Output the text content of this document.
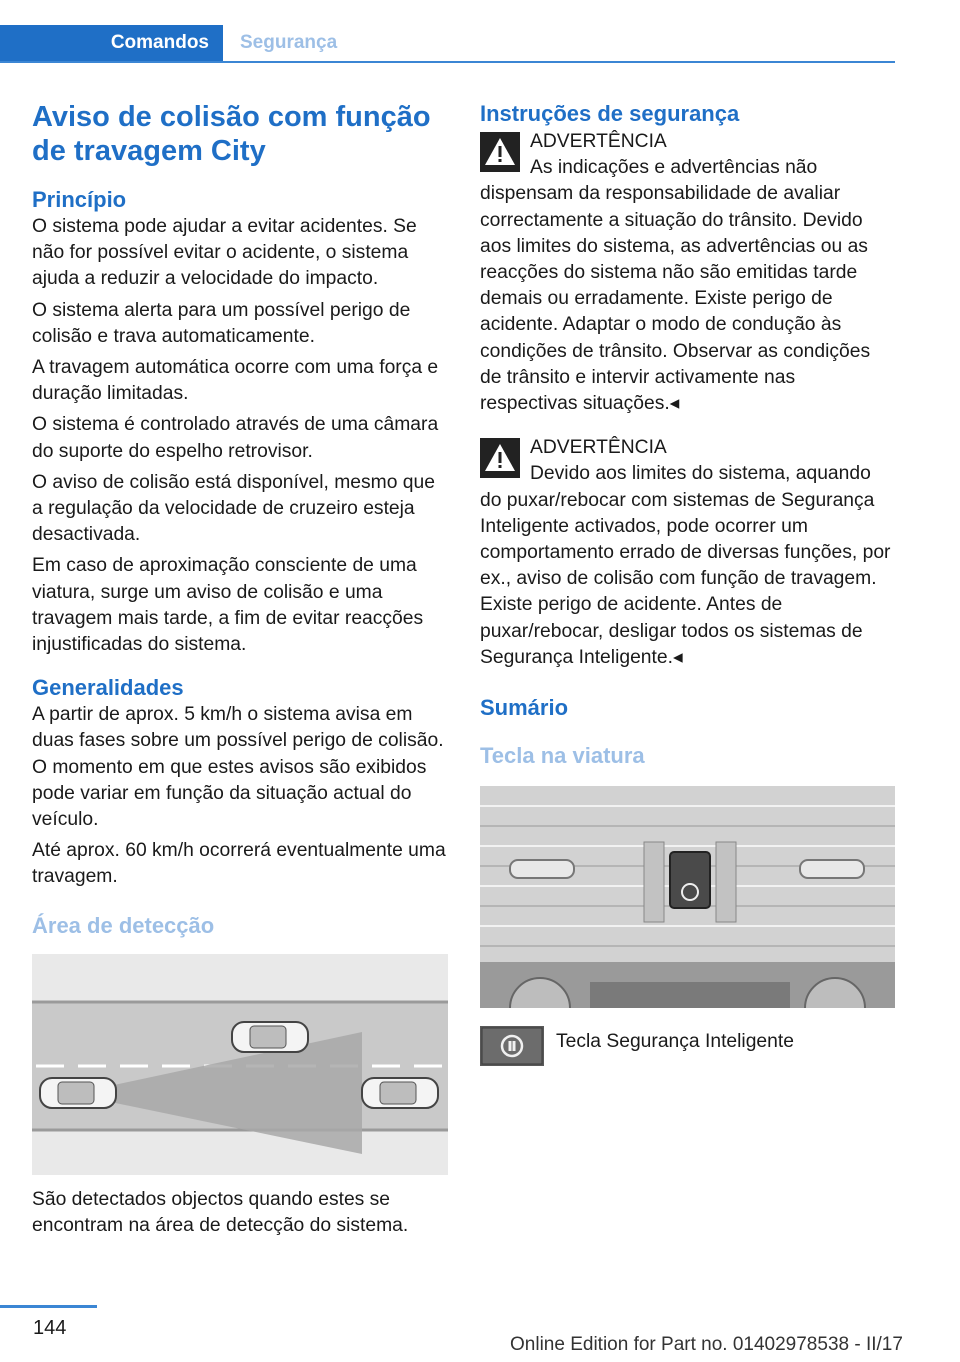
Comandos	Segurança
Aviso de colisão com função de travagem City
Princípio

O sistema pode ajudar a evitar acidentes. Se não for possível evitar o acidente, o sistema ajuda a reduzir a velocidade do impacto.

O sistema alerta para um possível perigo de colisão e trava automaticamente.

A travagem automática ocorre com uma força e duração limitadas.

O sistema é controlado através de uma câmara do suporte do espelho retrovisor.

O aviso de colisão está disponível, mesmo que a regulação da velocidade de cruzeiro esteja desactivada.

Em caso de aproximação consciente de uma viatura, surge um aviso de colisão e uma travagem mais tarde, a fim de evitar reacções injustificadas do sistema.

Generalidades

A partir de aprox. 5 km/h o sistema avisa em duas fases sobre um possível perigo de colisão. O momento em que estes avisos são exibidos pode variar em função da situação actual do veículo.

Até aprox. 60 km/h ocorrerá eventualmente uma travagem.

Área de detecção

São detectados objectos quando estes se encontram na área de detecção do sistema.

Instruções de segurança
ADVERTÊNCIA

As indicações e advertências não dispensam da responsabilidade de avaliar correctamente a situação do trânsito. Devido aos limites do sistema, as advertências ou as reacções do sistema não são emitidas tarde demais ou erradamente. Existe perigo de acidente. Adaptar o modo de condução às condições de trânsito. Observar as condições de trânsito e intervir activamente nas respectivas situações.◂

ADVERTÊNCIA

Devido aos limites do sistema, aquando do puxar/rebocar com sistemas de Segurança Inteligente activados, pode ocorrer um comportamento errado de diversas funções, por ex., aviso de colisão com função de travagem. Existe perigo de acidente. Antes de puxar/rebocar, desligar todos os sistemas de Segurança Inteligente.◂

Sumário
Tecla na viatura
Tecla Segurança Inteligente
144
Online Edition for Part no. 01402978538 - II/17
